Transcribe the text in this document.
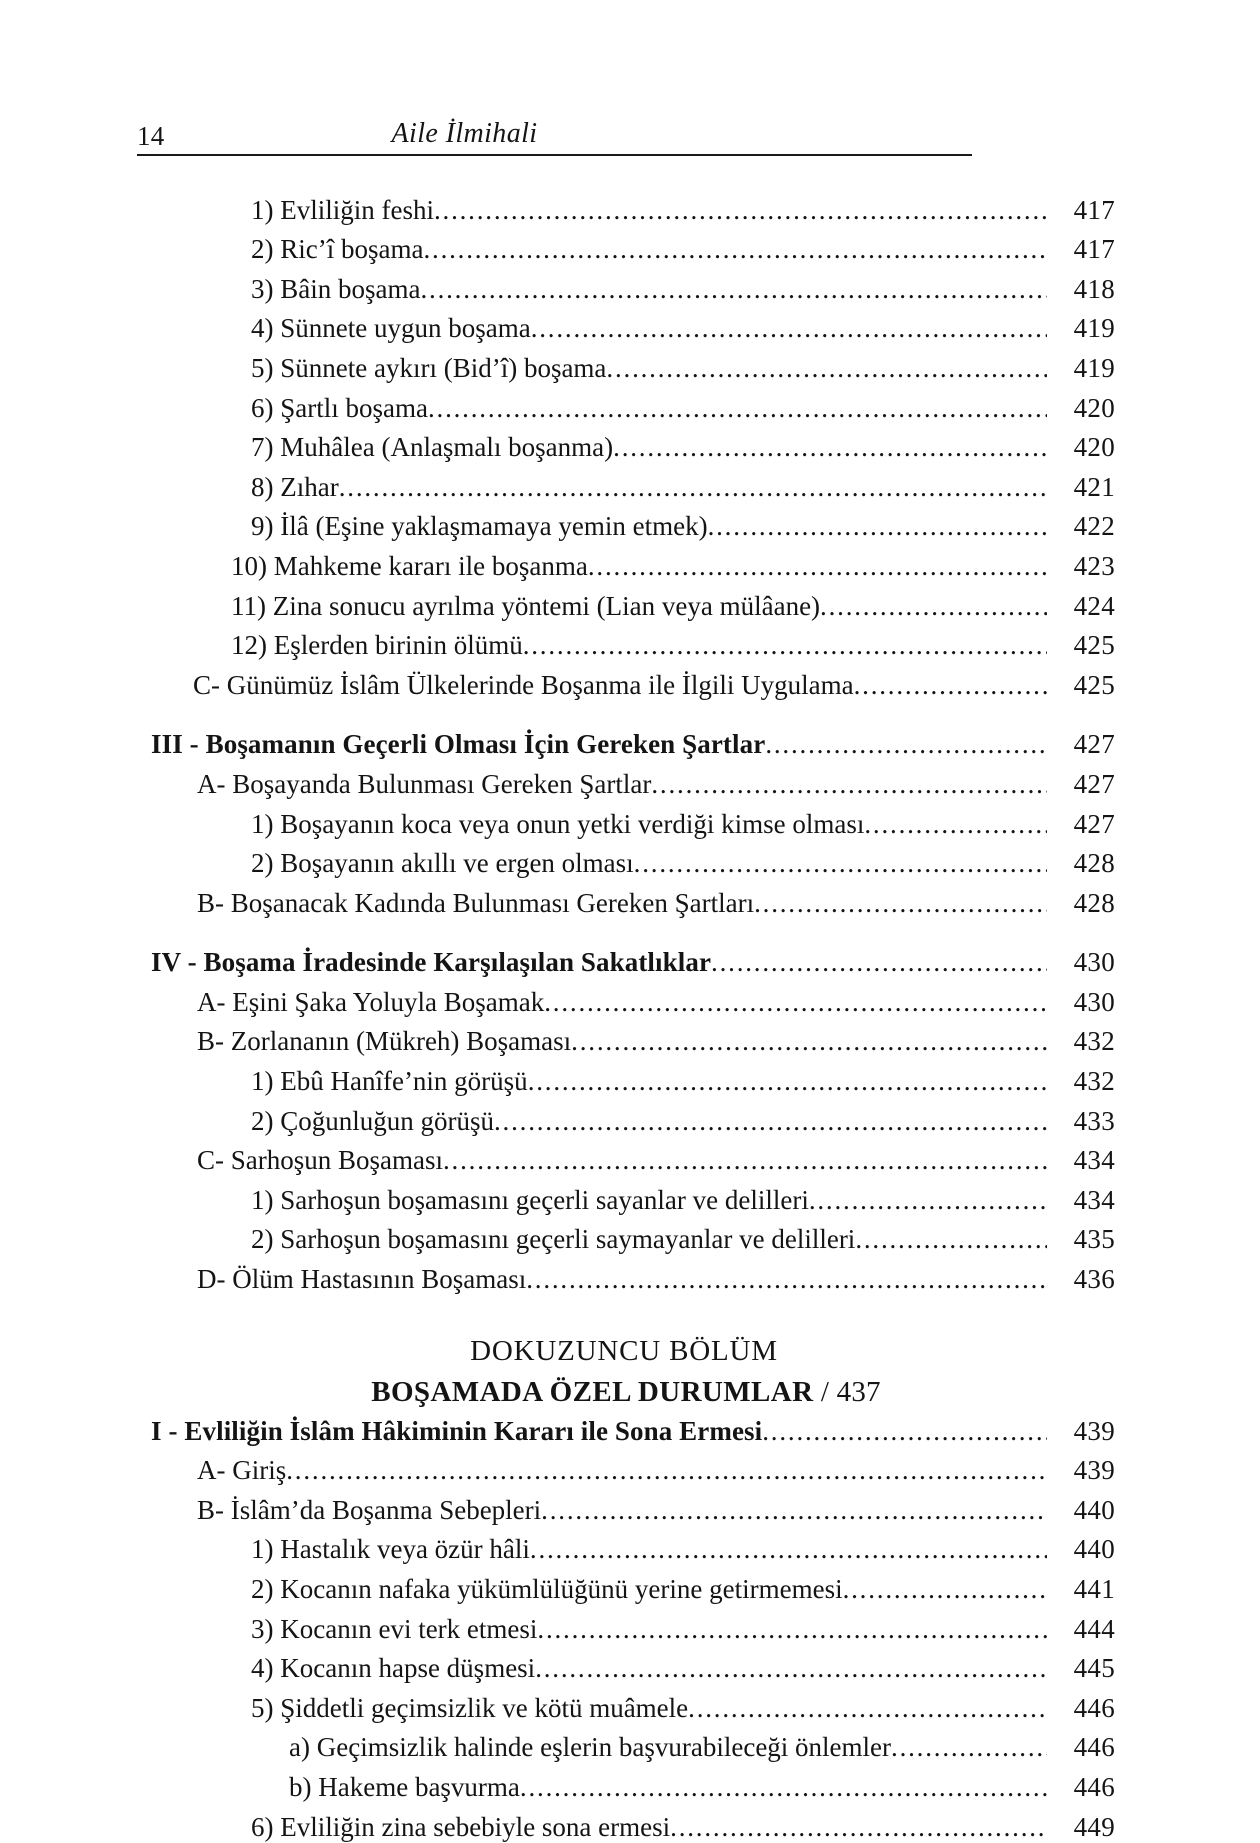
14	Aile İlmihali
1) Evliliğin feshi .....	417
2) Ric’î boşama .....	417
3) Bâin boşama .....	418
4) Sünnete uygun boşama .....	419
5) Sünnete aykırı (Bid’î) boşama .....	419
6) Şartlı boşama .....	420
7) Muhâlea (Anlaşmalı boşanma) .....	420
8) Zıhar .....	421
9) İlâ (Eşine yaklaşmamaya yemin etmek) .....	422
10) Mahkeme kararı ile boşanma .....	423
11) Zina sonucu ayrılma yöntemi (Lian veya mülâane) .....	424
12) Eşlerden birinin ölümü .....	425
C- Günümüz İslâm Ülkelerinde Boşanma ile İlgili Uygulama .....	425
III - Boşamanın Geçerli Olması İçin Gereken Şartlar .....	427
A- Boşayanda Bulunması Gereken Şartlar .....	427
1) Boşayanın koca veya onun yetki verdiği kimse olması .....	427
2) Boşayanın akıllı ve ergen olması .....	428
B- Boşanacak Kadında Bulunması Gereken Şartları .....	428
IV - Boşama İradesinde Karşılaşılan Sakatlıklar .....	430
A- Eşini Şaka Yoluyla Boşamak .....	430
B- Zorlananın (Mükreh) Boşaması .....	432
1) Ebû Hanîfe’nin görüşü .....	432
2) Çoğunluğun görüşü .....	433
C- Sarhoşun Boşaması .....	434
1) Sarhoşun boşamasını geçerli sayanlar ve delilleri .....	434
2) Sarhoşun boşamasını geçerli saymayanlar ve delilleri .....	435
D- Ölüm Hastasının Boşaması .....	436
I - Evliliğin İslâm Hâkiminin Kararı ile Sona Ermesi .....	439
A- Giriş .....	439
B- İslâm’da Boşanma Sebepleri .....	440
1) Hastalık veya özür hâli .....	440
2) Kocanın nafaka yükümlülüğünü yerine getirmemesi .....	441
3) Kocanın evi terk etmesi .....	444
4) Kocanın hapse düşmesi .....	445
5) Şiddetli geçimsizlik ve kötü muâmele .....	446
a) Geçimsizlik halinde eşlerin başvurabileceği önlemler .....	446
b) Hakeme başvurma .....	446
6) Evliliğin zina sebebiyle sona ermesi .....	449
DOKUZUNCU BÖLÜM
BOŞAMADA ÖZEL DURUMLAR / 437
